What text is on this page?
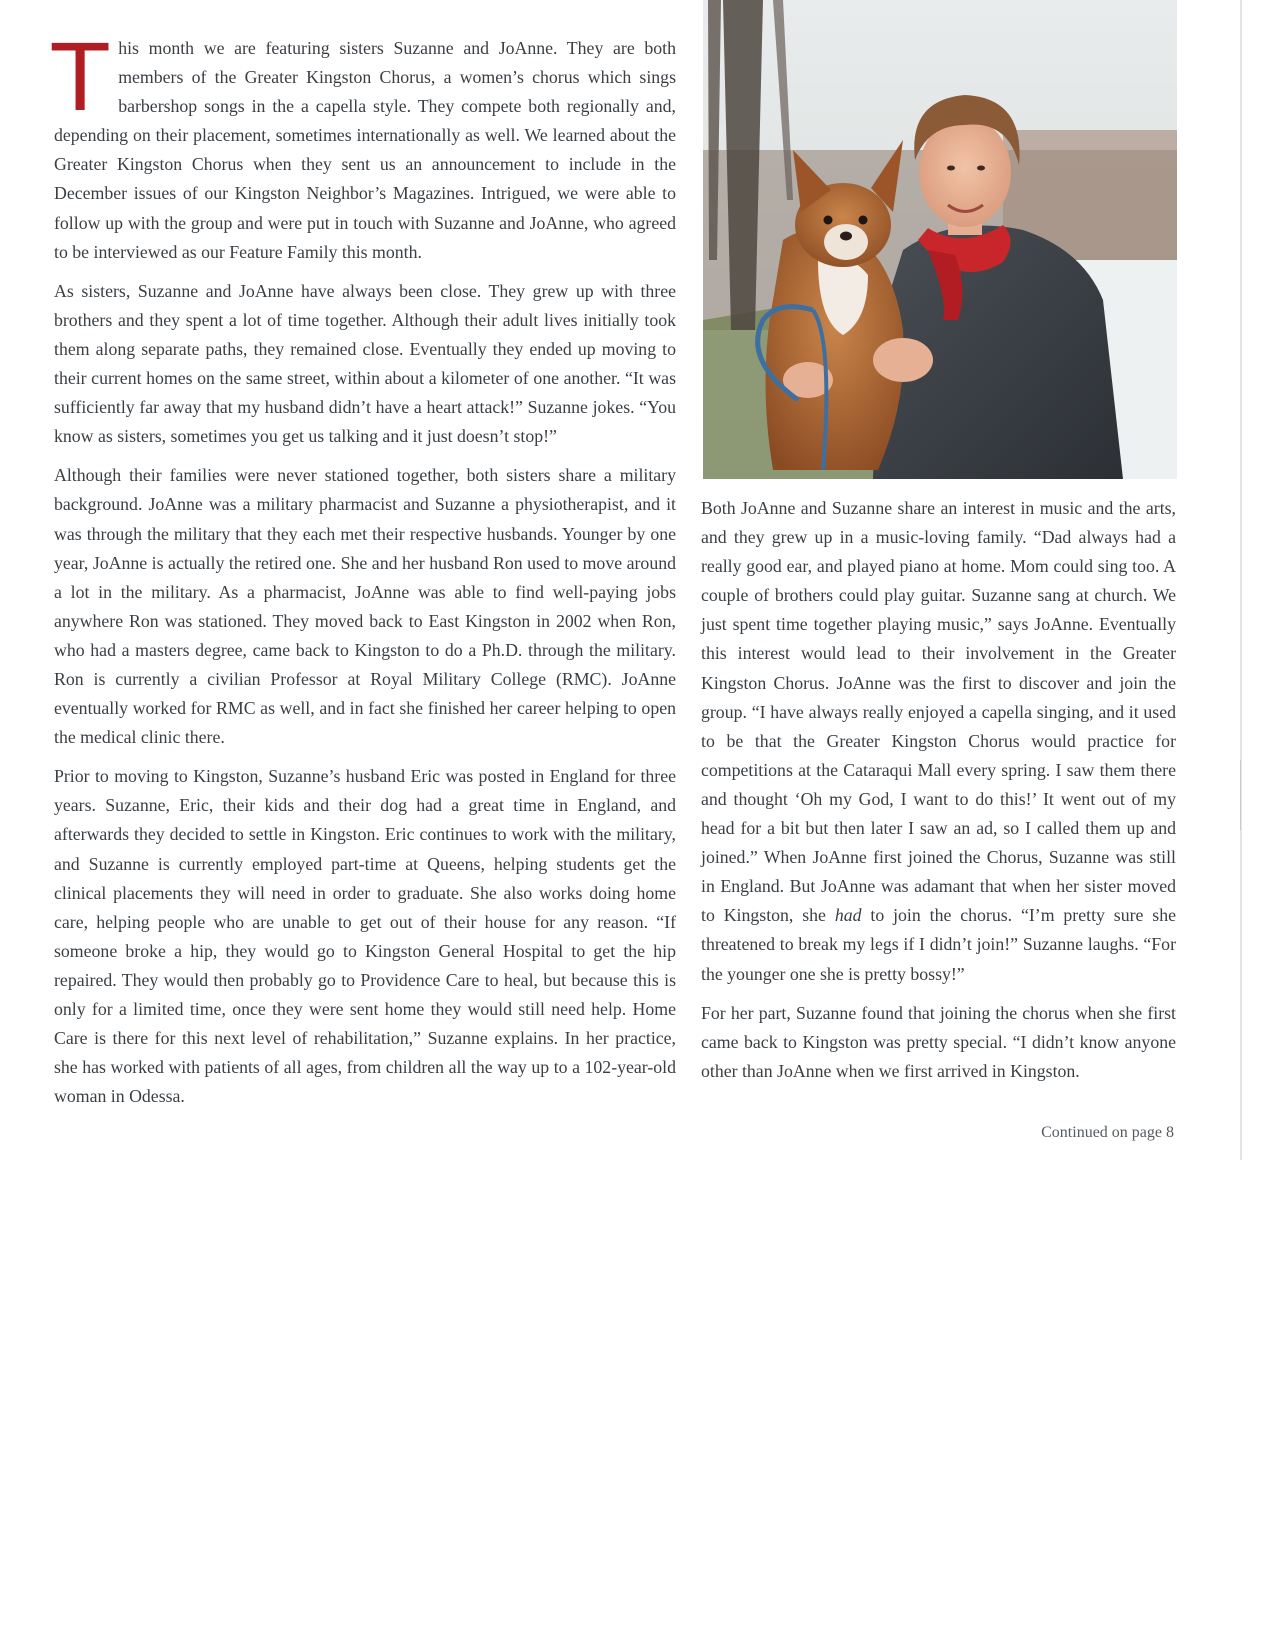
This month we are featuring sisters Suzanne and JoAnne. They are both members of the Greater Kingston Chorus, a women’s chorus which sings barbershop songs in the a capella style. They compete both regionally and, depending on their placement, sometimes internationally as well. We learned about the Greater Kingston Chorus when they sent us an announcement to include in the December issues of our Kingston Neighbor’s Magazines. Intrigued, we were able to follow up with the group and were put in touch with Suzanne and JoAnne, who agreed to be interviewed as our Feature Family this month.

As sisters, Suzanne and JoAnne have always been close. They grew up with three brothers and they spent a lot of time together. Although their adult lives initially took them along separate paths, they remained close. Eventually they ended up moving to their current homes on the same street, within about a kilometer of one another. “It was sufficiently far away that my husband didn’t have a heart attack!” Suzanne jokes. “You know as sisters, sometimes you get us talking and it just doesn’t stop!”

Although their families were never stationed together, both sisters share a military background. JoAnne was a military pharmacist and Suzanne a physiotherapist, and it was through the military that they each met their respective husbands. Younger by one year, JoAnne is actually the retired one. She and her husband Ron used to move around a lot in the military. As a pharmacist, JoAnne was able to find well-paying jobs anywhere Ron was stationed. They moved back to East Kingston in 2002 when Ron, who had a masters degree, came back to Kingston to do a Ph.D. through the military. Ron is currently a civilian Professor at Royal Military College (RMC). JoAnne eventually worked for RMC as well, and in fact she finished her career helping to open the medical clinic there.

Prior to moving to Kingston, Suzanne’s husband Eric was posted in England for three years. Suzanne, Eric, their kids and their dog had a great time in England, and afterwards they decided to settle in Kingston. Eric continues to work with the military, and Suzanne is currently employed part-time at Queens, helping students get the clinical placements they will need in order to graduate. She also works doing home care, helping people who are unable to get out of their house for any reason. “If someone broke a hip, they would go to Kingston General Hospital to get the hip repaired. They would then probably go to Providence Care to heal, but because this is only for a limited time, once they were sent home they would still need help. Home Care is there for this next level of rehabilitation,” Suzanne explains. In her practice, she has worked with patients of all ages, from children all the way up to a 102-year-old woman in Odessa.

Both JoAnne and Suzanne share an interest in music and the arts, and they grew up in a music-loving family. “Dad always had a really good ear, and played piano at home. Mom could sing too. A couple of brothers could play guitar. Suzanne sang at church. We just spent time together playing music,” says JoAnne. Eventually this interest would lead to their involvement in the Greater Kingston Chorus. JoAnne was the first to discover and join the group. “I have always really enjoyed a capella singing, and it used to be that the Greater Kingston Chorus would practice for competitions at the Cataraqui Mall every spring. I saw them there and thought ‘Oh my God, I want to do this!’ It went out of my head for a bit but then later I saw an ad, so I called them up and joined.” When JoAnne first joined the Chorus, Suzanne was still in England. But JoAnne was adamant that when her sister moved to Kingston, she had to join the chorus. “I’m pretty sure she threatened to break my legs if I didn’t join!” Suzanne laughs. “For the younger one she is pretty bossy!”

For her part, Suzanne found that joining the chorus when she first came back to Kingston was pretty special. “I didn’t know anyone other than JoAnne when we first arrived in Kingston.

Continued on page 8
